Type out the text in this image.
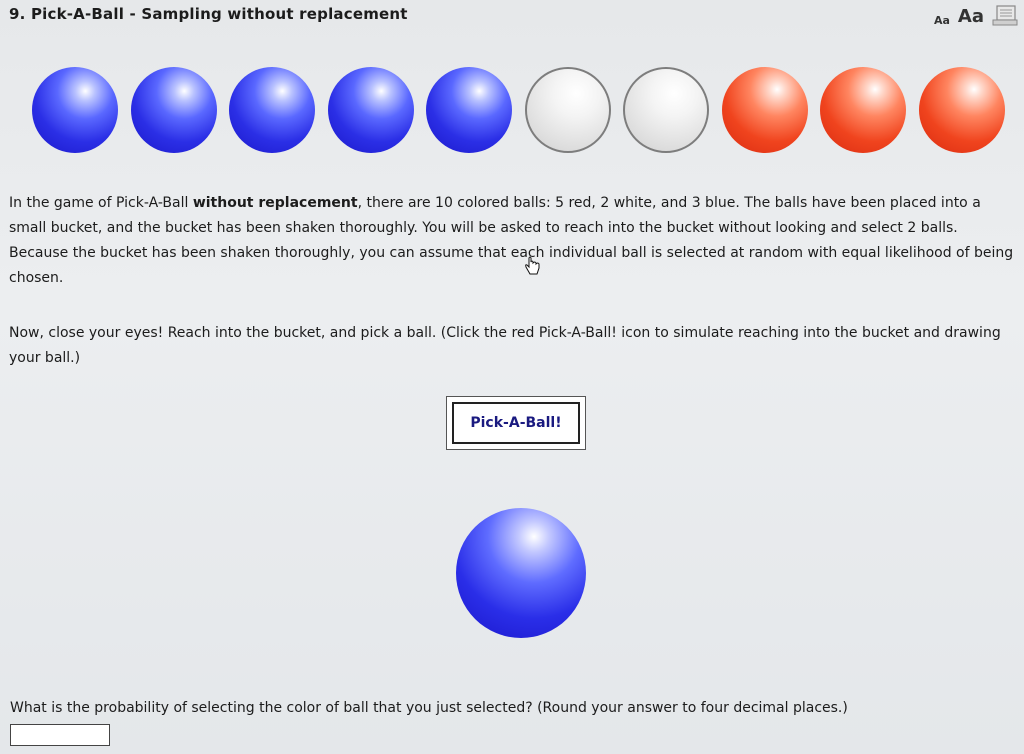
9. Pick-A-Ball - Sampling without replacement	Aa Aa

In the game of Pick-A-Ball without replacement, there are 10 colored balls: 5 red, 2 white, and 3 blue. The balls have been placed into a small bucket, and the bucket has been shaken thoroughly. You will be asked to reach into the bucket without looking and select 2 balls. Because the bucket has been shaken thoroughly, you can assume that each individual ball is selected at random with equal likelihood of being chosen.

Now, close your eyes! Reach into the bucket, and pick a ball. (Click the red Pick-A-Ball! icon to simulate reaching into the bucket and drawing your ball.)

Pick-A-Ball!

What is the probability of selecting the color of ball that you just selected? (Round your answer to four decimal places.)
